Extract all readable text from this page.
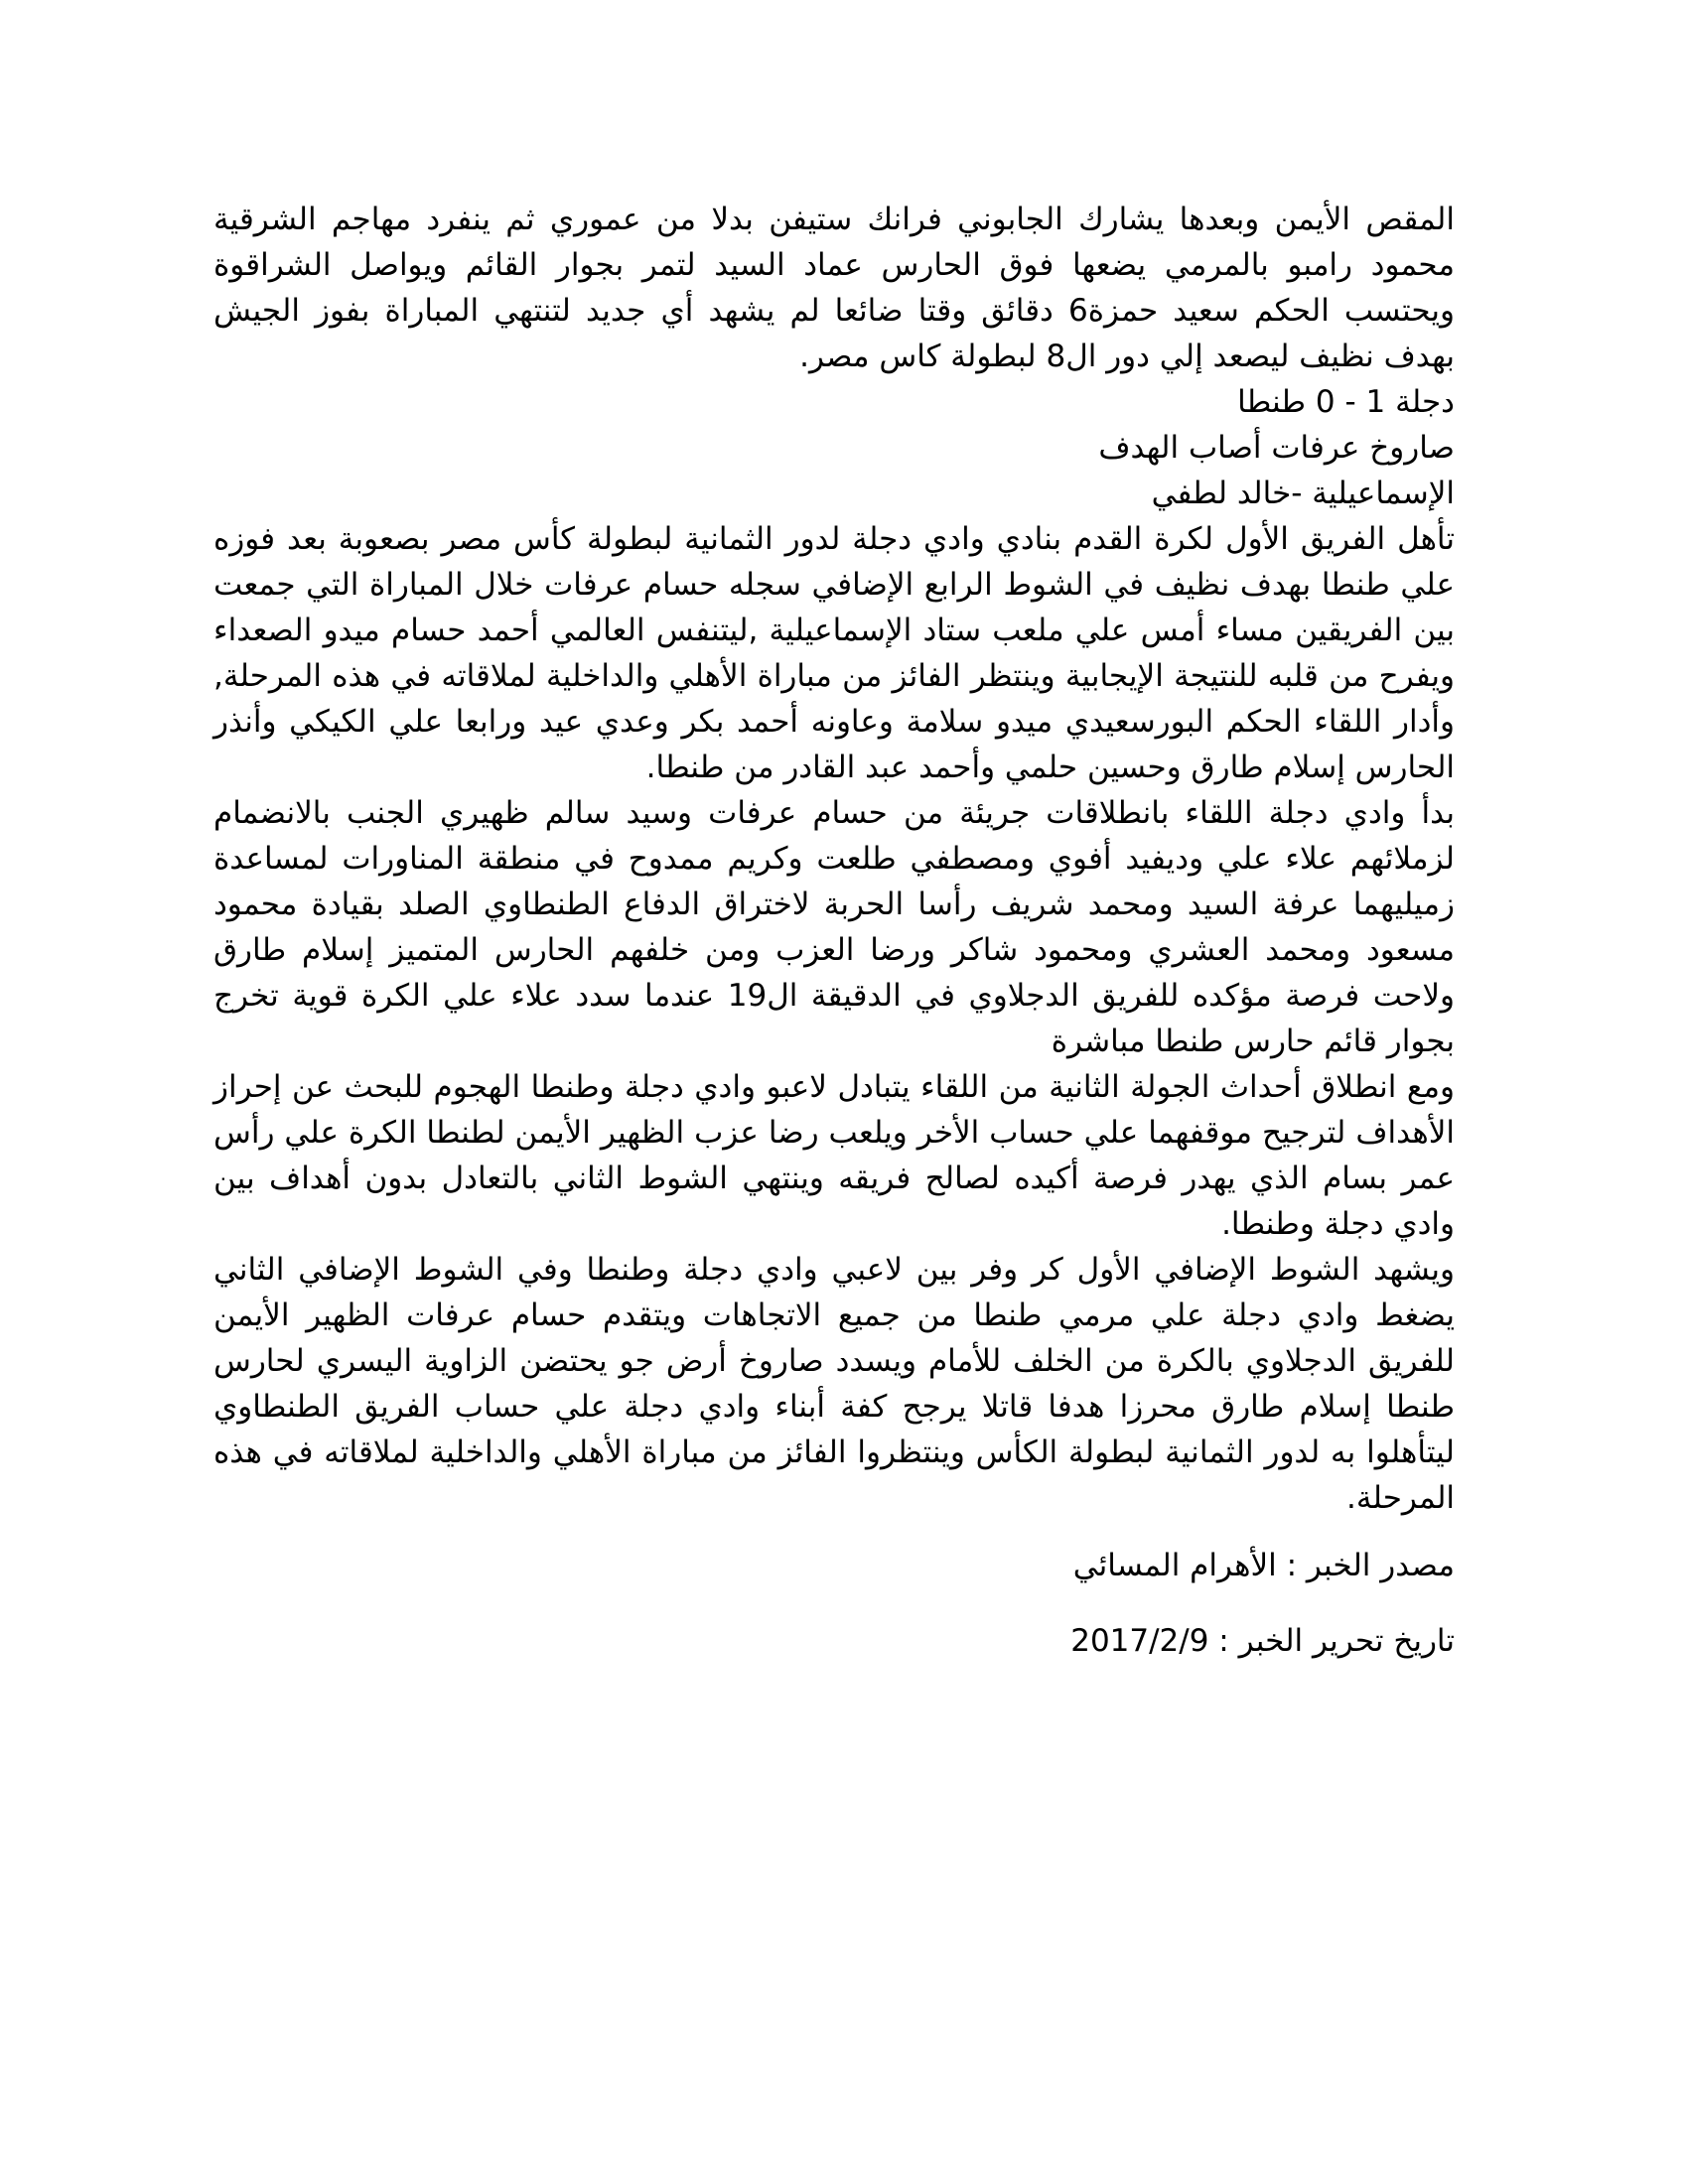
المقص الأيمن وبعدها يشارك الجابوني فرانك ستيفن بدلا من عموري ثم ينفرد مهاجم الشرقية محمود رامبو بالمرمي يضعها فوق الحارس عماد السيد لتمر بجوار القائم ويواصل الشراقوة ويحتسب الحكم سعيد حمزة6 دقائق وقتا ضائعا لم يشهد أي جديد لتنتهي المباراة بفوز الجيش بهدف نظيف ليصعد إلي دور ال8 لبطولة كاس مصر.

دجلة 1 - 0 طنطا
صاروخ عرفات أصاب الهدف
الإسماعيلية -خالد لطفي

تأهل الفريق الأول لكرة القدم بنادي وادي دجلة لدور الثمانية لبطولة كأس مصر بصعوبة بعد فوزه علي طنطا بهدف نظيف في الشوط الرابع الإضافي سجله حسام عرفات خلال المباراة التي جمعت بين الفريقين مساء أمس علي ملعب ستاد الإسماعيلية ,ليتنفس العالمي أحمد حسام ميدو الصعداء ويفرح من قلبه للنتيجة الإيجابية وينتظر الفائز من مباراة الأهلي والداخلية لملاقاته في هذه المرحلة, وأدار اللقاء الحكم البورسعيدي ميدو سلامة وعاونه أحمد بكر وعدي عيد ورابعا علي الكيكي وأنذر الحارس إسلام طارق وحسين حلمي وأحمد عبد القادر من طنطا.

بدأ وادي دجلة اللقاء بانطلاقات جريئة من حسام عرفات وسيد سالم ظهيري الجنب بالانضمام لزملائهم علاء علي وديفيد أفوي ومصطفي طلعت وكريم ممدوح في منطقة المناورات لمساعدة زميليهما عرفة السيد ومحمد شريف رأسا الحربة لاختراق الدفاع الطنطاوي الصلد بقيادة محمود مسعود ومحمد العشري ومحمود شاكر ورضا العزب ومن خلفهم الحارس المتميز إسلام طارق ولاحت فرصة مؤكده للفريق الدجلاوي في الدقيقة ال19 عندما سدد علاء علي الكرة قوية تخرج بجوار قائم حارس طنطا مباشرة

ومع انطلاق أحداث الجولة الثانية من اللقاء يتبادل لاعبو وادي دجلة وطنطا الهجوم للبحث عن إحراز الأهداف لترجيح موقفهما علي حساب الأخر ويلعب رضا عزب الظهير الأيمن لطنطا الكرة علي رأس عمر بسام الذي يهدر فرصة أكيده لصالح فريقه وينتهي الشوط الثاني بالتعادل بدون أهداف بين وادي دجلة وطنطا.

ويشهد الشوط الإضافي الأول كر وفر بين لاعبي وادي دجلة وطنطا وفي الشوط الإضافي الثاني يضغط وادي دجلة علي مرمي طنطا من جميع الاتجاهات ويتقدم حسام عرفات الظهير الأيمن للفريق الدجلاوي بالكرة من الخلف للأمام ويسدد صاروخ أرض جو يحتضن الزاوية اليسري لحارس طنطا إسلام طارق محرزا هدفا قاتلا يرجح كفة أبناء وادي دجلة علي حساب الفريق الطنطاوي ليتأهلوا به لدور الثمانية لبطولة الكأس وينتظروا الفائز من مباراة الأهلي والداخلية لملاقاته في هذه المرحلة.

مصدر الخبر : الأهرام المسائي
تاريخ تحرير الخبر : 2017/2/9
